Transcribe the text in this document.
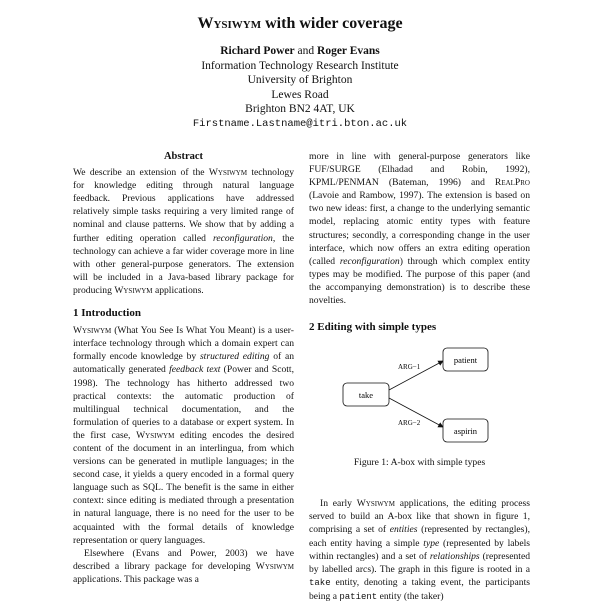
Wysiwym with wider coverage
Richard Power and Roger Evans
Information Technology Research Institute
University of Brighton
Lewes Road
Brighton BN2 4AT, UK
Firstname.Lastname@itri.bton.ac.uk
Abstract

We describe an extension of the Wysiwym technology for knowledge editing through natural language feedback. Previous applications have addressed relatively simple tasks requiring a very limited range of nominal and clause patterns. We show that by adding a further editing operation called reconfiguration, the technology can achieve a far wider coverage more in line with other general-purpose generators. The extension will be included in a Java-based library package for producing Wysiwym applications.

1 Introduction

Wysiwym (What You See Is What You Meant) is a user-interface technology through which a domain expert can formally encode knowledge by structured editing of an automatically generated feedback text (Power and Scott, 1998). The technology has hitherto addressed two practical contexts: the automatic production of multilingual technical documentation, and the formulation of queries to a database or expert system. In the first case, Wysiwym editing encodes the desired content of the document in an interlingua, from which versions can be generated in mutliple languages; in the second case, it yields a query encoded in a formal query language such as SQL. The benefit is the same in either context: since editing is mediated through a presentation in natural language, there is no need for the user to be acquainted with the formal details of knowledge representation or query languages.

Elsewhere (Evans and Power, 2003) we have described a library package for developing Wysiwym applications. This package was a

more in line with general-purpose generators like FUF/SURGE (Elhadad and Robin, 1992), KPML/PENMAN (Bateman, 1996) and RealPro (Lavoie and Rambow, 1997). The extension is based on two new ideas: first, a change to the underlying semantic model, replacing atomic entity types with feature structures; secondly, a corresponding change in the user interface, which now offers an extra editing operation (called reconfiguration) through which complex entity types may be modified. The purpose of this paper (and the accompanying demonstration) is to describe these novelties.

2 Editing with simple types

In early Wysiwym applications, the editing process served to build an A-box like that shown in figure 1, comprising a set of entities (represented by rectangles), each entity having a simple type (represented by labels within rectangles) and a set of relationships (represented by labelled arcs). The graph in this figure is rooted in a take entity, denoting a taking event, the participants being a patient entity (the taker)

take
patient
aspirin
ARG−1
ARG−2
Figure 1: A-box with simple types
